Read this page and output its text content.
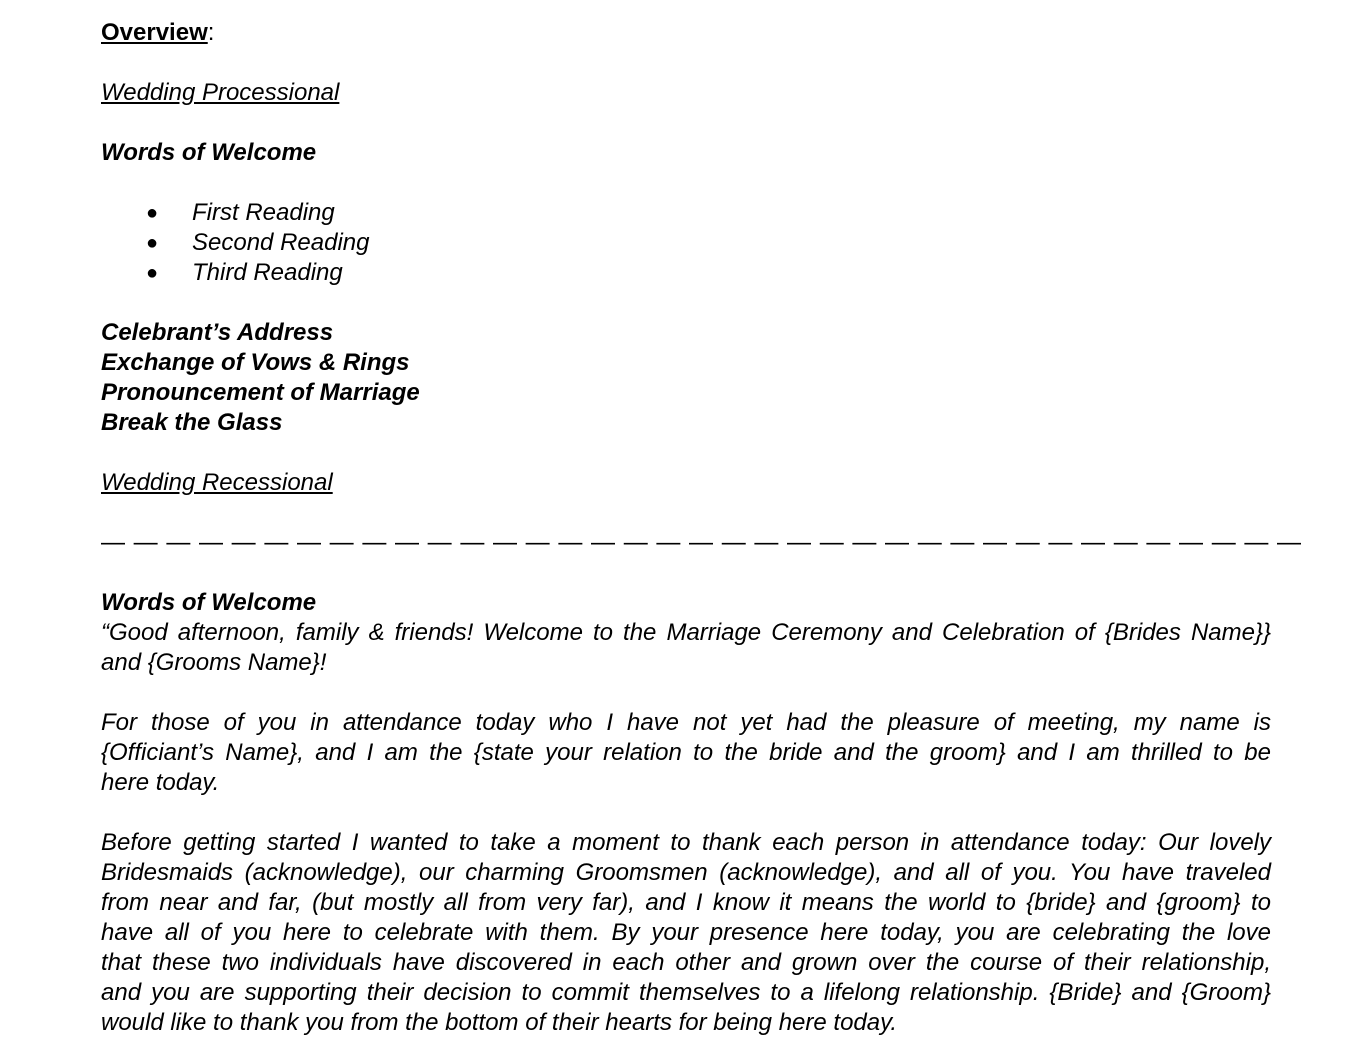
Overview:
Wedding Processional
Words of Welcome
● First Reading
● Second Reading
● Third Reading
Celebrant’s Address
Exchange of Vows & Rings
Pronouncement of Marriage
Break the Glass
Wedding Recessional
— — — — — — — — — — — — — — — — — — — — — — — — — — — — — — — — — — — — —
Words of Welcome
“Good afternoon, family & friends! Welcome to the Marriage Ceremony and Celebration of {Brides Name}}
and {Grooms Name}!
For those of you in attendance today who I have not yet had the pleasure of meeting, my name is
{Officiant’s Name}, and I am the {state your relation to the bride and the groom} and I am thrilled to be
here today.
Before getting started I wanted to take a moment to thank each person in attendance today: Our lovely
Bridesmaids (acknowledge), our charming Groomsmen (acknowledge), and all of you. You have traveled
from near and far, (but mostly all from very far), and I know it means the world to {bride} and {groom} to
have all of you here to celebrate with them. By your presence here today, you are celebrating the love
that these two individuals have discovered in each other and grown over the course of their relationship,
and you are supporting their decision to commit themselves to a lifelong relationship. {Bride} and {Groom}
would like to thank you from the bottom of their hearts for being here today.
